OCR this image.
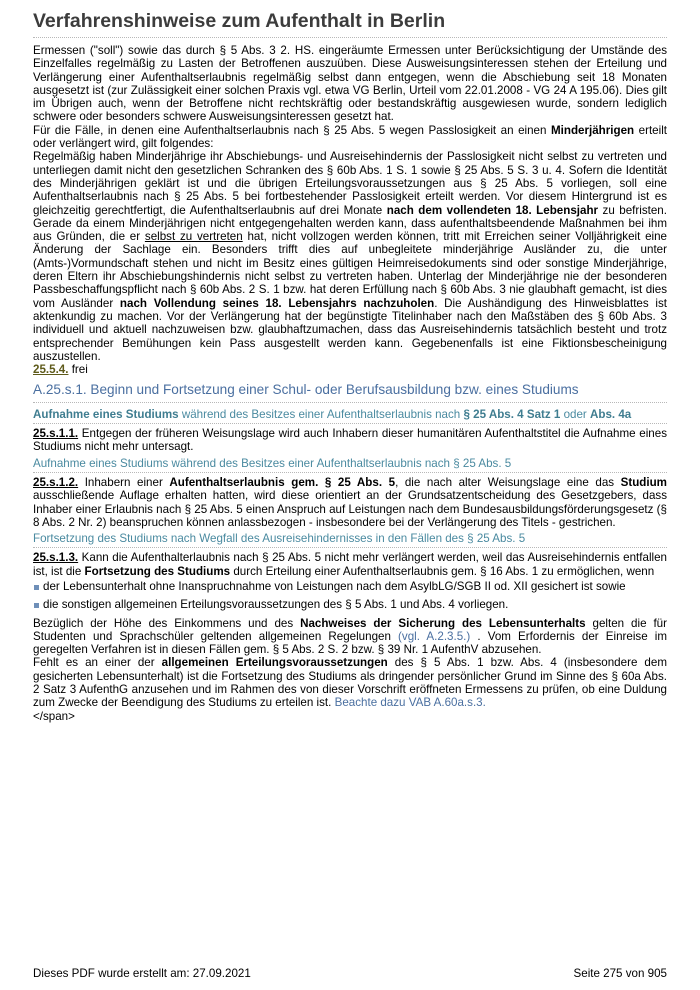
Verfahrenshinweise zum Aufenthalt in Berlin

Ermessen ("soll") sowie das durch § 5 Abs. 3 2. HS. eingeräumte Ermessen unter Berücksichtigung der Umstände des Einzelfalles regelmäßig zu Lasten der Betroffenen auszuüben. Diese Ausweisungsinteressen stehen der Erteilung und Verlängerung einer Aufenthaltserlaubnis regelmäßig selbst dann entgegen, wenn die Abschiebung seit 18 Monaten ausgesetzt ist (zur Zulässigkeit einer solchen Praxis vgl. etwa VG Berlin, Urteil vom 22.01.2008 - VG 24 A 195.06). Dies gilt im Übrigen auch, wenn der Betroffene nicht rechtskräftig oder bestandskräftig ausgewiesen wurde, sondern lediglich schwere oder besonders schwere Ausweisungsinteressen gesetzt hat.

Für die Fälle, in denen eine Aufenthaltserlaubnis nach § 25 Abs. 5 wegen Passlosigkeit an einen Minderjährigen erteilt oder verlängert wird, gilt folgendes:

Regelmäßig haben Minderjährige ihr Abschiebungs- und Ausreisehindernis der Passlosigkeit nicht selbst zu vertreten und unterliegen damit nicht den gesetzlichen Schranken des § 60b Abs. 1 S. 1 sowie § 25 Abs. 5 S. 3 u. 4. Sofern die Identität des Minderjährigen geklärt ist und die übrigen Erteilungsvoraussetzungen aus § 25 Abs. 5 vorliegen, soll eine Aufenthaltserlaubnis nach § 25 Abs. 5 bei fortbestehender Passlosigkeit erteilt werden. Vor diesem Hintergrund ist es gleichzeitig gerechtfertigt, die Aufenthaltserlaubnis auf drei Monate nach dem vollendeten 18. Lebensjahr zu befristen. Gerade da einem Minderjährigen nicht entgegengehalten werden kann, dass aufenthaltsbeendende Maßnahmen bei ihm aus Gründen, die er selbst zu vertreten hat, nicht vollzogen werden können, tritt mit Erreichen seiner Volljährigkeit eine Änderung der Sachlage ein. Besonders trifft dies auf unbegleitete minderjährige Ausländer zu, die unter (Amts-)Vormundschaft stehen und nicht im Besitz eines gültigen Heimreisedokuments sind oder sonstige Minderjährige, deren Eltern ihr Abschiebungshindernis nicht selbst zu vertreten haben. Unterlag der Minderjährige nie der besonderen Passbeschaffungspflicht nach § 60b Abs. 2 S. 1 bzw. hat deren Erfüllung nach § 60b Abs. 3 nie glaubhaft gemacht, ist dies vom Ausländer nach Vollendung seines 18. Lebensjahrs nachzuholen. Die Aushändigung des Hinweisblattes ist aktenkundig zu machen. Vor der Verlängerung hat der begünstigte Titelinhaber nach den Maßstäben des § 60b Abs. 3 individuell und aktuell nachzuweisen bzw. glaubhaftzumachen, dass das Ausreisehindernis tatsächlich besteht und trotz entsprechender Bemühungen kein Pass ausgestellt werden kann. Gegebenenfalls ist eine Fiktionsbescheinigung auszustellen.

25.5.4. frei

A.25.s.1. Beginn und Fortsetzung einer Schul- oder Berufsausbildung bzw. eines Studiums
Aufnahme eines Studiums während des Besitzes einer Aufenthaltserlaubnis nach § 25 Abs. 4 Satz 1 oder Abs. 4a

25.s.1.1. Entgegen der früheren Weisungslage wird auch Inhabern dieser humanitären Aufenthaltstitel die Aufnahme eines Studiums nicht mehr untersagt.

Aufnahme eines Studiums während des Besitzes einer Aufenthaltserlaubnis nach § 25 Abs. 5

25.s.1.2. Inhabern einer Aufenthaltserlaubnis gem. § 25 Abs. 5, die nach alter Weisungslage eine das Studium ausschließende Auflage erhalten hatten, wird diese orientiert an der Grundsatzentscheidung des Gesetzgebers, dass Inhaber einer Erlaubnis nach § 25 Abs. 5 einen Anspruch auf Leistungen nach dem Bundesausbildungsförderungsgesetz (§ 8 Abs. 2 Nr. 2) beanspruchen können anlassbezogen - insbesondere bei der Verlängerung des Titels - gestrichen.

Fortsetzung des Studiums nach Wegfall des Ausreisehindernisses in den Fällen des § 25 Abs. 5

25.s.1.3. Kann die Aufenthalterlaubnis nach § 25 Abs. 5 nicht mehr verlängert werden, weil das Ausreisehindernis entfallen ist, ist die Fortsetzung des Studiums durch Erteilung einer Aufenthaltserlaubnis gem. § 16 Abs. 1 zu ermöglichen, wenn

der Lebensunterhalt ohne Inanspruchnahme von Leistungen nach dem AsylbLG/SGB II od. XII gesichert ist sowie
die sonstigen allgemeinen Erteilungsvoraussetzungen des § 5 Abs. 1 und Abs. 4 vorliegen.

Bezüglich der Höhe des Einkommens und des Nachweises der Sicherung des Lebensunterhalts gelten die für Studenten und Sprachschüler geltenden allgemeinen Regelungen (vgl. A.2.3.5.) . Vom Erfordernis der Einreise im geregelten Verfahren ist in diesen Fällen gem. § 5 Abs. 2 S. 2 bzw. § 39 Nr. 1 AufenthV abzusehen.

Fehlt es an einer der allgemeinen Erteilungsvoraussetzungen des § 5 Abs. 1 bzw. Abs. 4 (insbesondere dem gesicherten Lebensunterhalt) ist die Fortsetzung des Studiums als dringender persönlicher Grund im Sinne des § 60a Abs. 2 Satz 3 AufenthG anzusehen und im Rahmen des von dieser Vorschrift eröffneten Ermessens zu prüfen, ob eine Duldung zum Zwecke der Beendigung des Studiums zu erteilen ist. Beachte dazu VAB A.60a.s.3.

</span>

Dieses PDF wurde erstellt am: 27.09.2021	Seite 275 von 905
